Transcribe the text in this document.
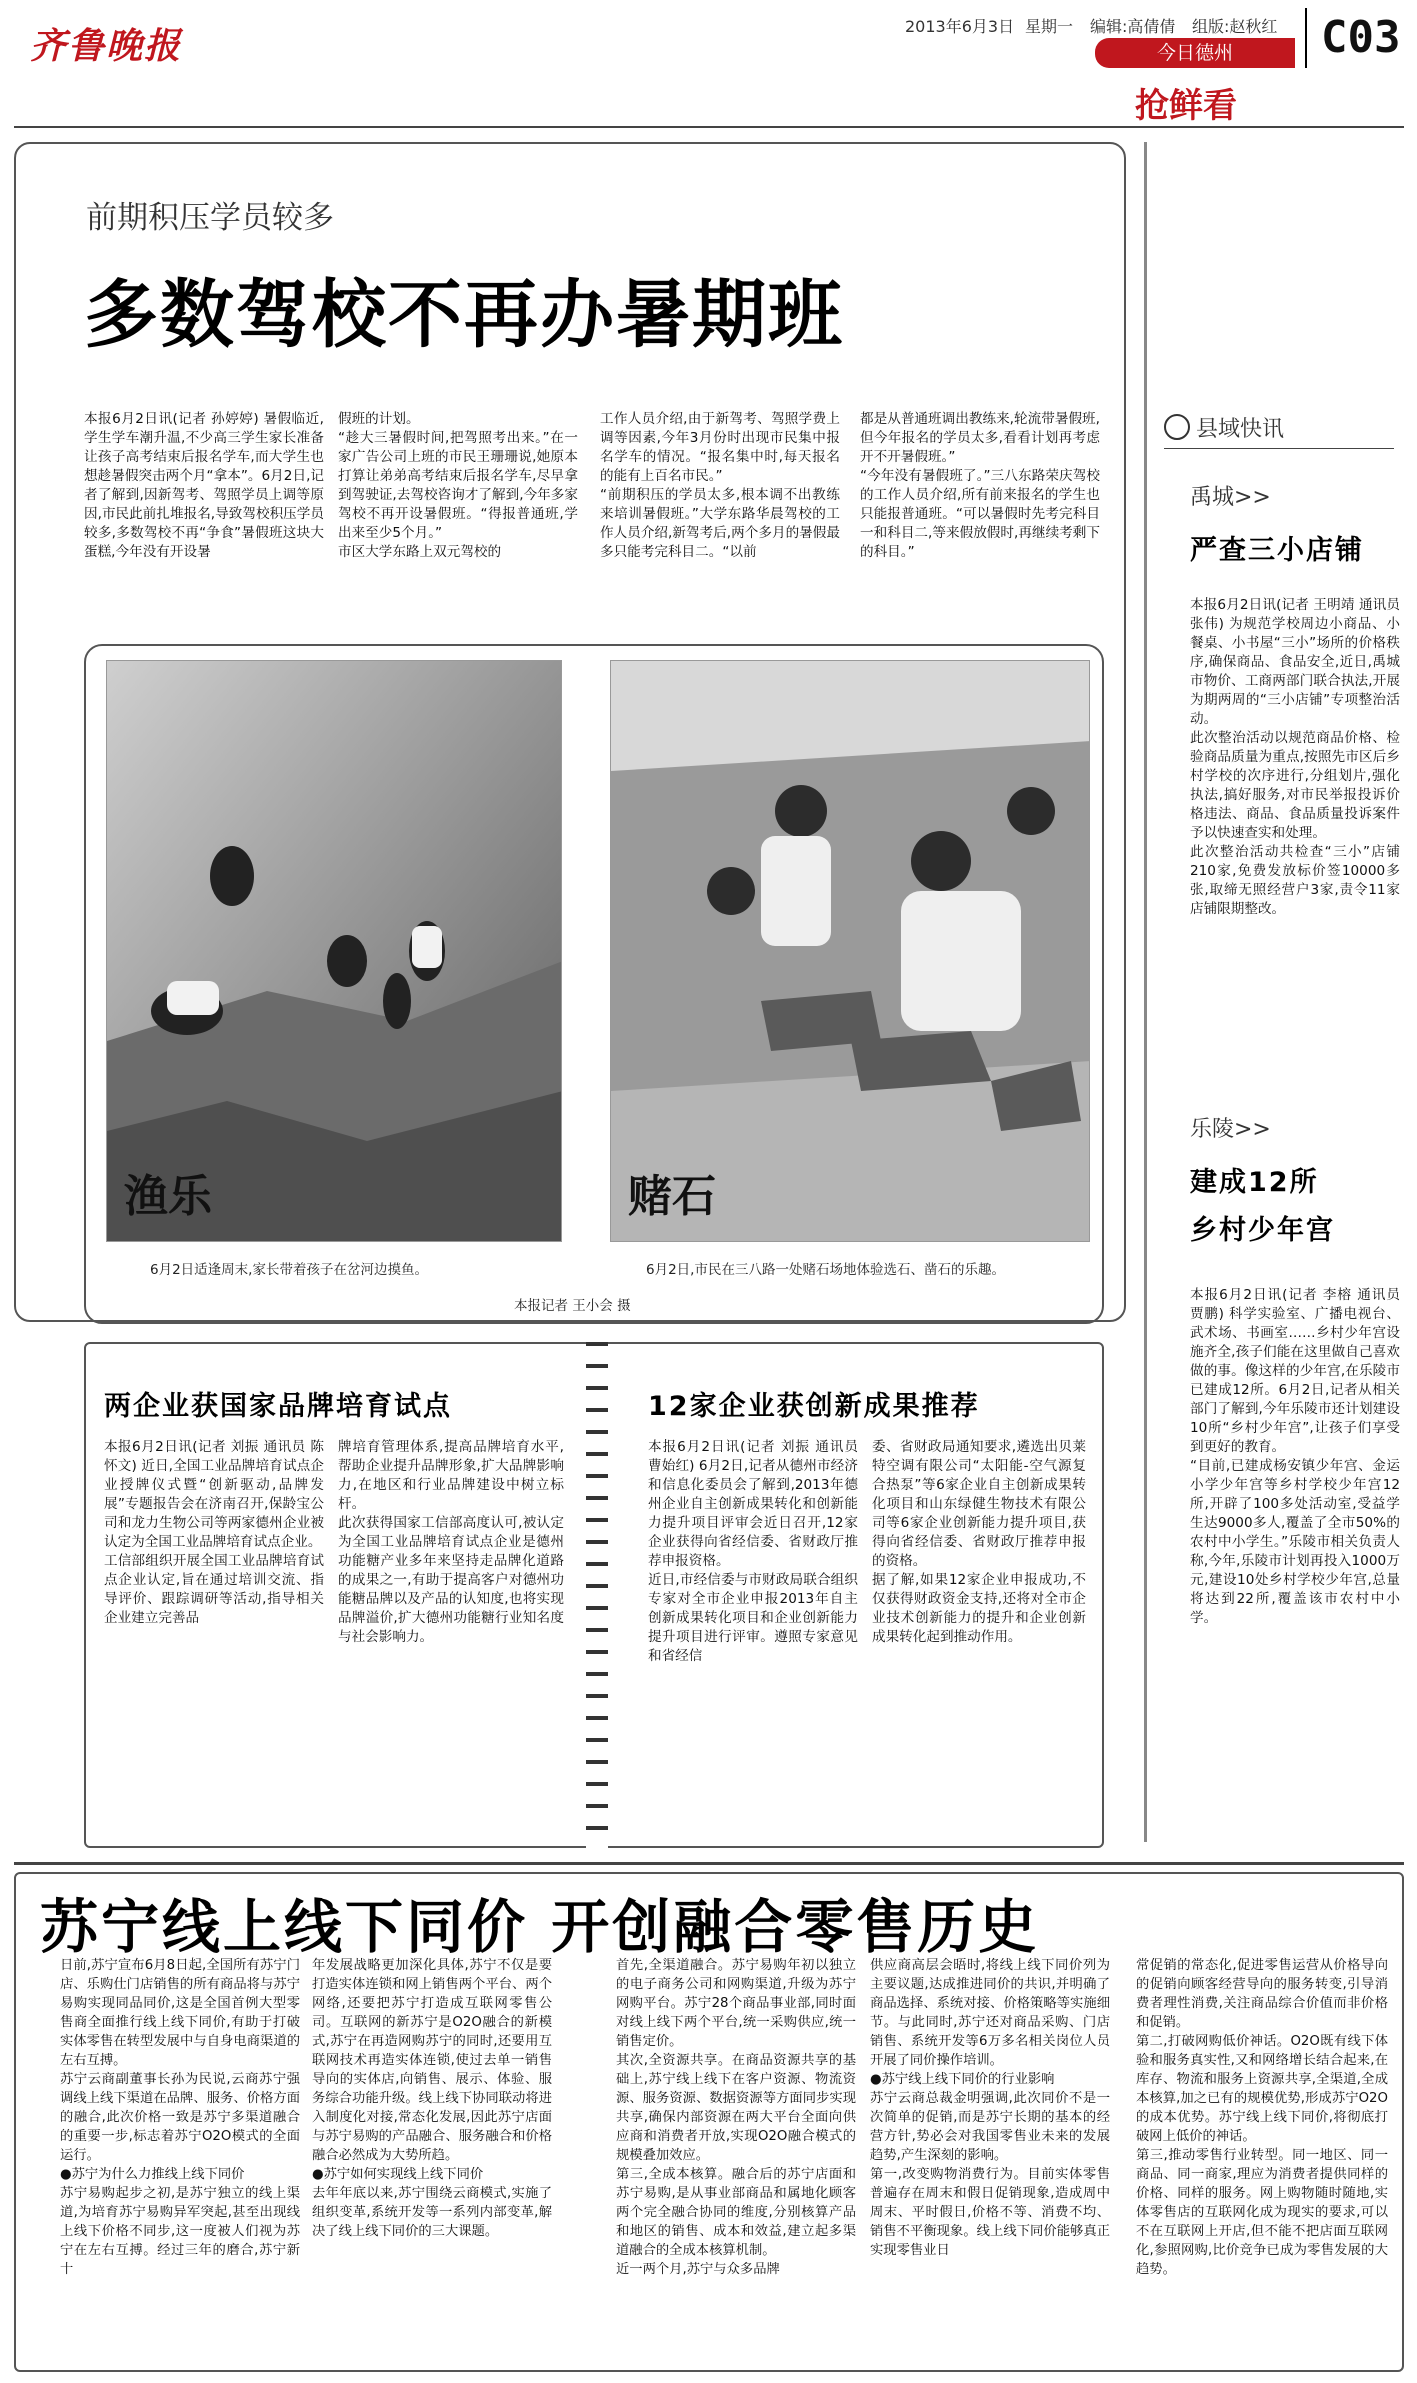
齐鲁晚报	2013年6月3日 星期一 编辑:高倩倩 组版:赵秋红 C03
今日德州
抢鲜看
前期积压学员较多
多数驾校不再办暑期班
本报6月2日讯(记者 孙婷婷) 暑假临近,学生学车潮升温,不少高三学生家长准备让孩子高考结束后报名学车,而大学生也想趁暑假突击两个月“拿本”。6月2日,记者了解到,因新驾考、驾照学员上调等原因,市民此前扎堆报名,导致驾校积压学员较多,多数驾校不再“争食”暑假班这块大蛋糕,今年没有开设暑
假班的计划。
“趁大三暑假时间,把驾照考出来。”在一家广告公司上班的市民王珊珊说,她原本打算让弟弟高考结束后报名学车,尽早拿到驾驶证,去驾校咨询才了解到,今年多家驾校不再开设暑假班。“得报普通班,学出来至少5个月。”
市区大学东路上双元驾校的
工作人员介绍,由于新驾考、驾照学费上调等因素,今年3月份时出现市民集中报名学车的情况。“报名集中时,每天报名的能有上百名市民。”
“前期积压的学员太多,根本调不出教练来培训暑假班。”大学东路华晨驾校的工作人员介绍,新驾考后,两个多月的暑假最多只能考完科目二。“以前
都是从普通班调出教练来,轮流带暑假班,但今年报名的学员太多,看看计划再考虑开不开暑假班。”
“今年没有暑假班了。”三八东路荣庆驾校的工作人员介绍,所有前来报名的学生也只能报普通班。“可以暑假时先考完科目一和科目二,等来假放假时,再继续考剩下的科目。”
渔乐	赌石
6月2日适逢周末,家长带着孩子在岔河边摸鱼。	6月2日,市民在三八路一处赌石场地体验选石、凿石的乐趣。
本报记者 王小会 摄
两企业获国家品牌培育试点
本报6月2日讯(记者 刘振 通讯员 陈怀文) 近日,全国工业品牌培育试点企业授牌仪式暨“创新驱动,品牌发展”专题报告会在济南召开,保龄宝公司和龙力生物公司等两家德州企业被认定为全国工业品牌培育试点企业。
工信部组织开展全国工业品牌培育试点企业认定,旨在通过培训交流、指导评价、跟踪调研等活动,指导相关企业建立完善品
牌培育管理体系,提高品牌培育水平,帮助企业提升品牌形象,扩大品牌影响力,在地区和行业品牌建设中树立标杆。
此次获得国家工信部高度认可,被认定为全国工业品牌培育试点企业是德州功能糖产业多年来坚持走品牌化道路的成果之一,有助于提高客户对德州功能糖品牌以及产品的认知度,也将实现品牌溢价,扩大德州功能糖行业知名度与社会影响力。
12家企业获创新成果推荐
本报6月2日讯(记者 刘振 通讯员 曹始红) 6月2日,记者从德州市经济和信息化委员会了解到,2013年德州企业自主创新成果转化和创新能力提升项目评审会近日召开,12家企业获得向省经信委、省财政厅推荐申报资格。
近日,市经信委与市财政局联合组织专家对全市企业申报2013年自主创新成果转化项目和企业创新能力提升项目进行评审。遵照专家意见和省经信
委、省财政局通知要求,遴选出贝莱特空调有限公司“太阳能-空气源复合热泵”等6家企业自主创新成果转化项目和山东绿健生物技术有限公司等6家企业创新能力提升项目,获得向省经信委、省财政厅推荐申报的资格。
据了解,如果12家企业申报成功,不仅获得财政资金支持,还将对全市企业技术创新能力的提升和企业创新成果转化起到推动作用。
县域快讯
禹城>>
严查三小店铺
本报6月2日讯(记者 王明靖 通讯员 张伟) 为规范学校周边小商品、小餐桌、小书屋“三小”场所的价格秩序,确保商品、食品安全,近日,禹城市物价、工商两部门联合执法,开展为期两周的“三小店铺”专项整治活动。
此次整治活动以规范商品价格、检验商品质量为重点,按照先市区后乡村学校的次序进行,分组划片,强化执法,搞好服务,对市民举报投诉价格违法、商品、食品质量投诉案件予以快速查实和处理。
此次整治活动共检查“三小”店铺210家,免费发放标价签10000多张,取缔无照经营户3家,责令11家店铺限期整改。
乐陵>>
建成12所
乡村少年宫
本报6月2日讯(记者 李榕 通讯员 贾鹏) 科学实验室、广播电视台、武术场、书画室……乡村少年宫设施齐全,孩子们能在这里做自己喜欢做的事。像这样的少年宫,在乐陵市已建成12所。6月2日,记者从相关部门了解到,今年乐陵市还计划建设10所“乡村少年宫”,让孩子们享受到更好的教育。
“目前,已建成杨安镇少年宫、金运小学少年宫等乡村学校少年宫12所,开辟了100多处活动室,受益学生达9000多人,覆盖了全市50%的农村中小学生。”乐陵市相关负责人称,今年,乐陵市计划再投入1000万元,建设10处乡村学校少年宫,总量将达到22所,覆盖该市农村中小学。
苏宁线上线下同价 开创融合零售历史
日前,苏宁宣布6月8日起,全国所有苏宁门店、乐购仕门店销售的所有商品将与苏宁易购实现同品同价,这是全国首例大型零售商全面推行线上线下同价,有助于打破实体零售在转型发展中与自身电商渠道的左右互搏。
苏宁云商副董事长孙为民说,云商苏宁强调线上线下渠道在品牌、服务、价格方面的融合,此次价格一致是苏宁多渠道融合的重要一步,标志着苏宁O2O模式的全面运行。
●苏宁为什么力推线上线下同价
苏宁易购起步之初,是苏宁独立的线上渠道,为培育苏宁易购异军突起,甚至出现线上线下价格不同步,这一度被人们视为苏宁在左右互搏。经过三年的磨合,苏宁新十
年发展战略更加深化具体,苏宁不仅是要打造实体连锁和网上销售两个平台、两个网络,还要把苏宁打造成互联网零售公司。互联网的新苏宁是O2O融合的新模式,苏宁在再造网购苏宁的同时,还要用互联网技术再造实体连锁,使过去单一销售导向的实体店,向销售、展示、体验、服务综合功能升级。线上线下协同联动将进入制度化对接,常态化发展,因此苏宁店面与苏宁易购的产品融合、服务融合和价格融合必然成为大势所趋。
●苏宁如何实现线上线下同价
去年年底以来,苏宁围绕云商模式,实施了组织变革,系统开发等一系列内部变革,解决了线上线下同价的三大课题。
首先,全渠道融合。苏宁易购年初以独立的电子商务公司和网购渠道,升级为苏宁网购平台。苏宁28个商品事业部,同时面对线上线下两个平台,统一采购供应,统一销售定价。
其次,全资源共享。在商品资源共享的基础上,苏宁线上线下在客户资源、物流资源、服务资源、数据资源等方面同步实现共享,确保内部资源在两大平台全面向供应商和消费者开放,实现O2O融合模式的规模叠加效应。
第三,全成本核算。融合后的苏宁店面和苏宁易购,是从事业部商品和属地化顾客两个完全融合协同的维度,分别核算产品和地区的销售、成本和效益,建立起多渠道融合的全成本核算机制。
近一两个月,苏宁与众多品牌
供应商高层会晤时,将线上线下同价列为主要议题,达成推进同价的共识,并明确了商品选择、系统对接、价格策略等实施细节。与此同时,苏宁还对商品采购、门店销售、系统开发等6万多名相关岗位人员开展了同价操作培训。
●苏宁线上线下同价的行业影响
苏宁云商总裁金明强调,此次同价不是一次简单的促销,而是苏宁长期的基本的经营方针,势必会对我国零售业未来的发展趋势,产生深刻的影响。
第一,改变购物消费行为。目前实体零售普遍存在周末和假日促销现象,造成周中周末、平时假日,价格不等、消费不均、销售不平衡现象。线上线下同价能够真正实现零售业日
常促销的常态化,促进零售运营从价格导向的促销向顾客经营导向的服务转变,引导消费者理性消费,关注商品综合价值而非价格和促销。
第二,打破网购低价神话。O2O既有线下体验和服务真实性,又和网络增长结合起来,在库存、物流和服务上资源共享,全渠道,全成本核算,加之已有的规模优势,形成苏宁O2O的成本优势。苏宁线上线下同价,将彻底打破网上低价的神话。
第三,推动零售行业转型。同一地区、同一商品、同一商家,理应为消费者提供同样的价格、同样的服务。网上购物随时随地,实体零售店的互联网化成为现实的要求,可以不在互联网上开店,但不能不把店面互联网化,参照网购,比价竞争已成为零售发展的大趋势。
